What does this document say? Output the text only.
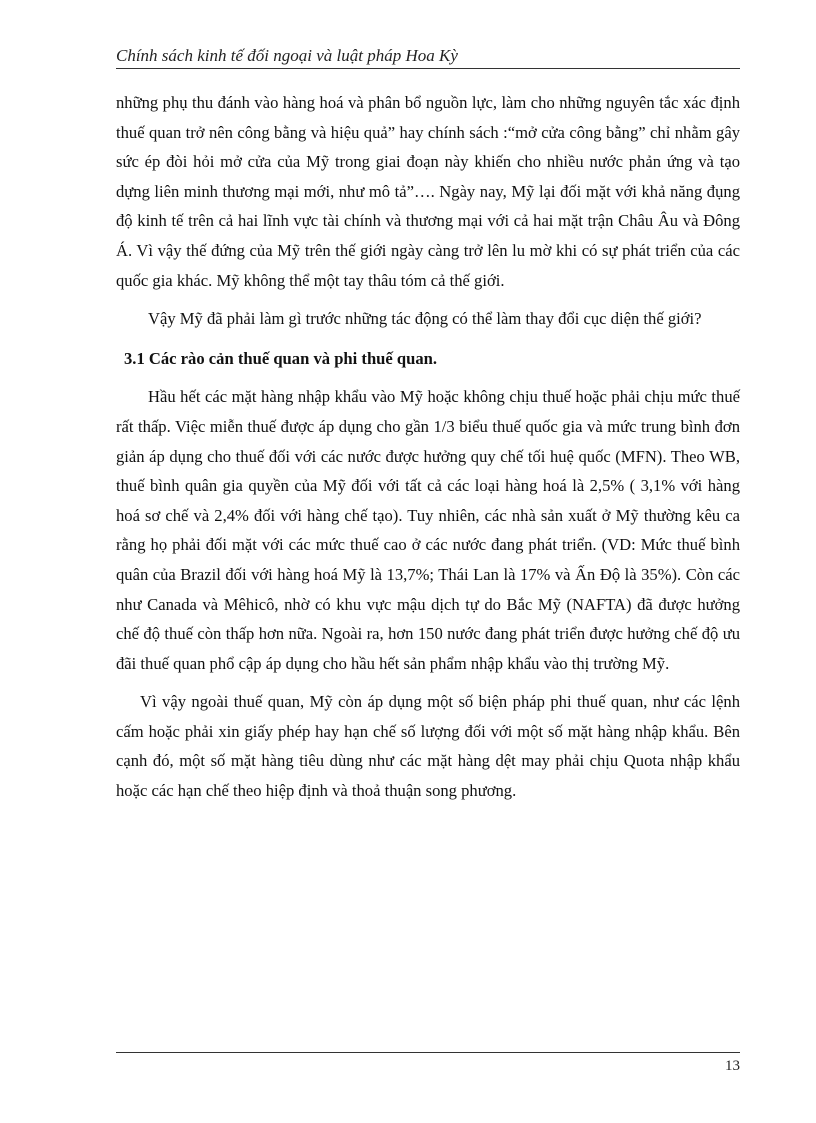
Chính sách kinh tế đối ngoại và luật pháp Hoa Kỳ

những phụ thu đánh vào hàng hoá và phân bổ nguồn lực, làm cho những nguyên tắc xác định thuế quan trở nên công bằng và hiệu quả” hay chính sách :“mở cửa công bằng” chỉ nhằm gây sức ép đòi hỏi mở cửa của Mỹ trong giai đoạn này khiến cho nhiều nước phản ứng và tạo dựng liên minh thương mại mới, như mô tả”…. Ngày nay, Mỹ lại đối mặt với khả năng đụng độ kinh tế trên cả hai lĩnh vực tài chính và thương mại với cả hai mặt trận Châu Âu và Đông Á. Vì vậy thế đứng của Mỹ trên thế giới ngày càng trở lên lu mờ khi có sự phát triển của các quốc gia khác. Mỹ không thể một tay thâu tóm cả thế giới.

Vậy Mỹ đã phải làm gì trước những tác động có thể làm thay đổi cục diện thế giới?

3.1 Các rào cản thuế quan và phi thuế quan.

Hầu hết các mặt hàng nhập khẩu vào Mỹ hoặc không chịu thuế hoặc phải chịu mức thuế rất thấp. Việc miễn thuế được áp dụng cho gần 1/3 biểu thuế quốc gia và mức trung bình đơn giản áp dụng cho thuế đối với các nước được hưởng quy chế tối huệ quốc (MFN). Theo WB, thuế bình quân gia quyền của Mỹ đối với tất cả các loại hàng hoá là 2,5% ( 3,1% với hàng hoá sơ chế và 2,4% đối với hàng chế tạo). Tuy nhiên, các nhà sản xuất ở Mỹ thường kêu ca rằng họ phải đối mặt với các mức thuế cao ở các nước đang phát triển. (VD: Mức thuế bình quân của Brazil đối với hàng hoá Mỹ là 13,7%; Thái Lan là 17% và Ấn Độ là 35%). Còn các như Canada và Mêhicô, nhờ có khu vực mậu dịch tự do Bắc Mỹ (NAFTA) đã được hưởng chế độ thuế còn thấp hơn nữa. Ngoài ra, hơn 150 nước đang phát triển được hưởng chế độ ưu đãi thuế quan phổ cập áp dụng cho hầu hết sản phẩm nhập khẩu vào thị trường Mỹ.

Vì vậy ngoài thuế quan, Mỹ còn áp dụng một số biện pháp phi thuế quan, như các lệnh cấm hoặc phải xin giấy phép hay hạn chế số lượng đối với một số mặt hàng nhập khẩu. Bên cạnh đó, một số mặt hàng tiêu dùng như các mặt hàng dệt may phải chịu Quota nhập khẩu hoặc các hạn chế theo hiệp định và thoả thuận song phương.

13
